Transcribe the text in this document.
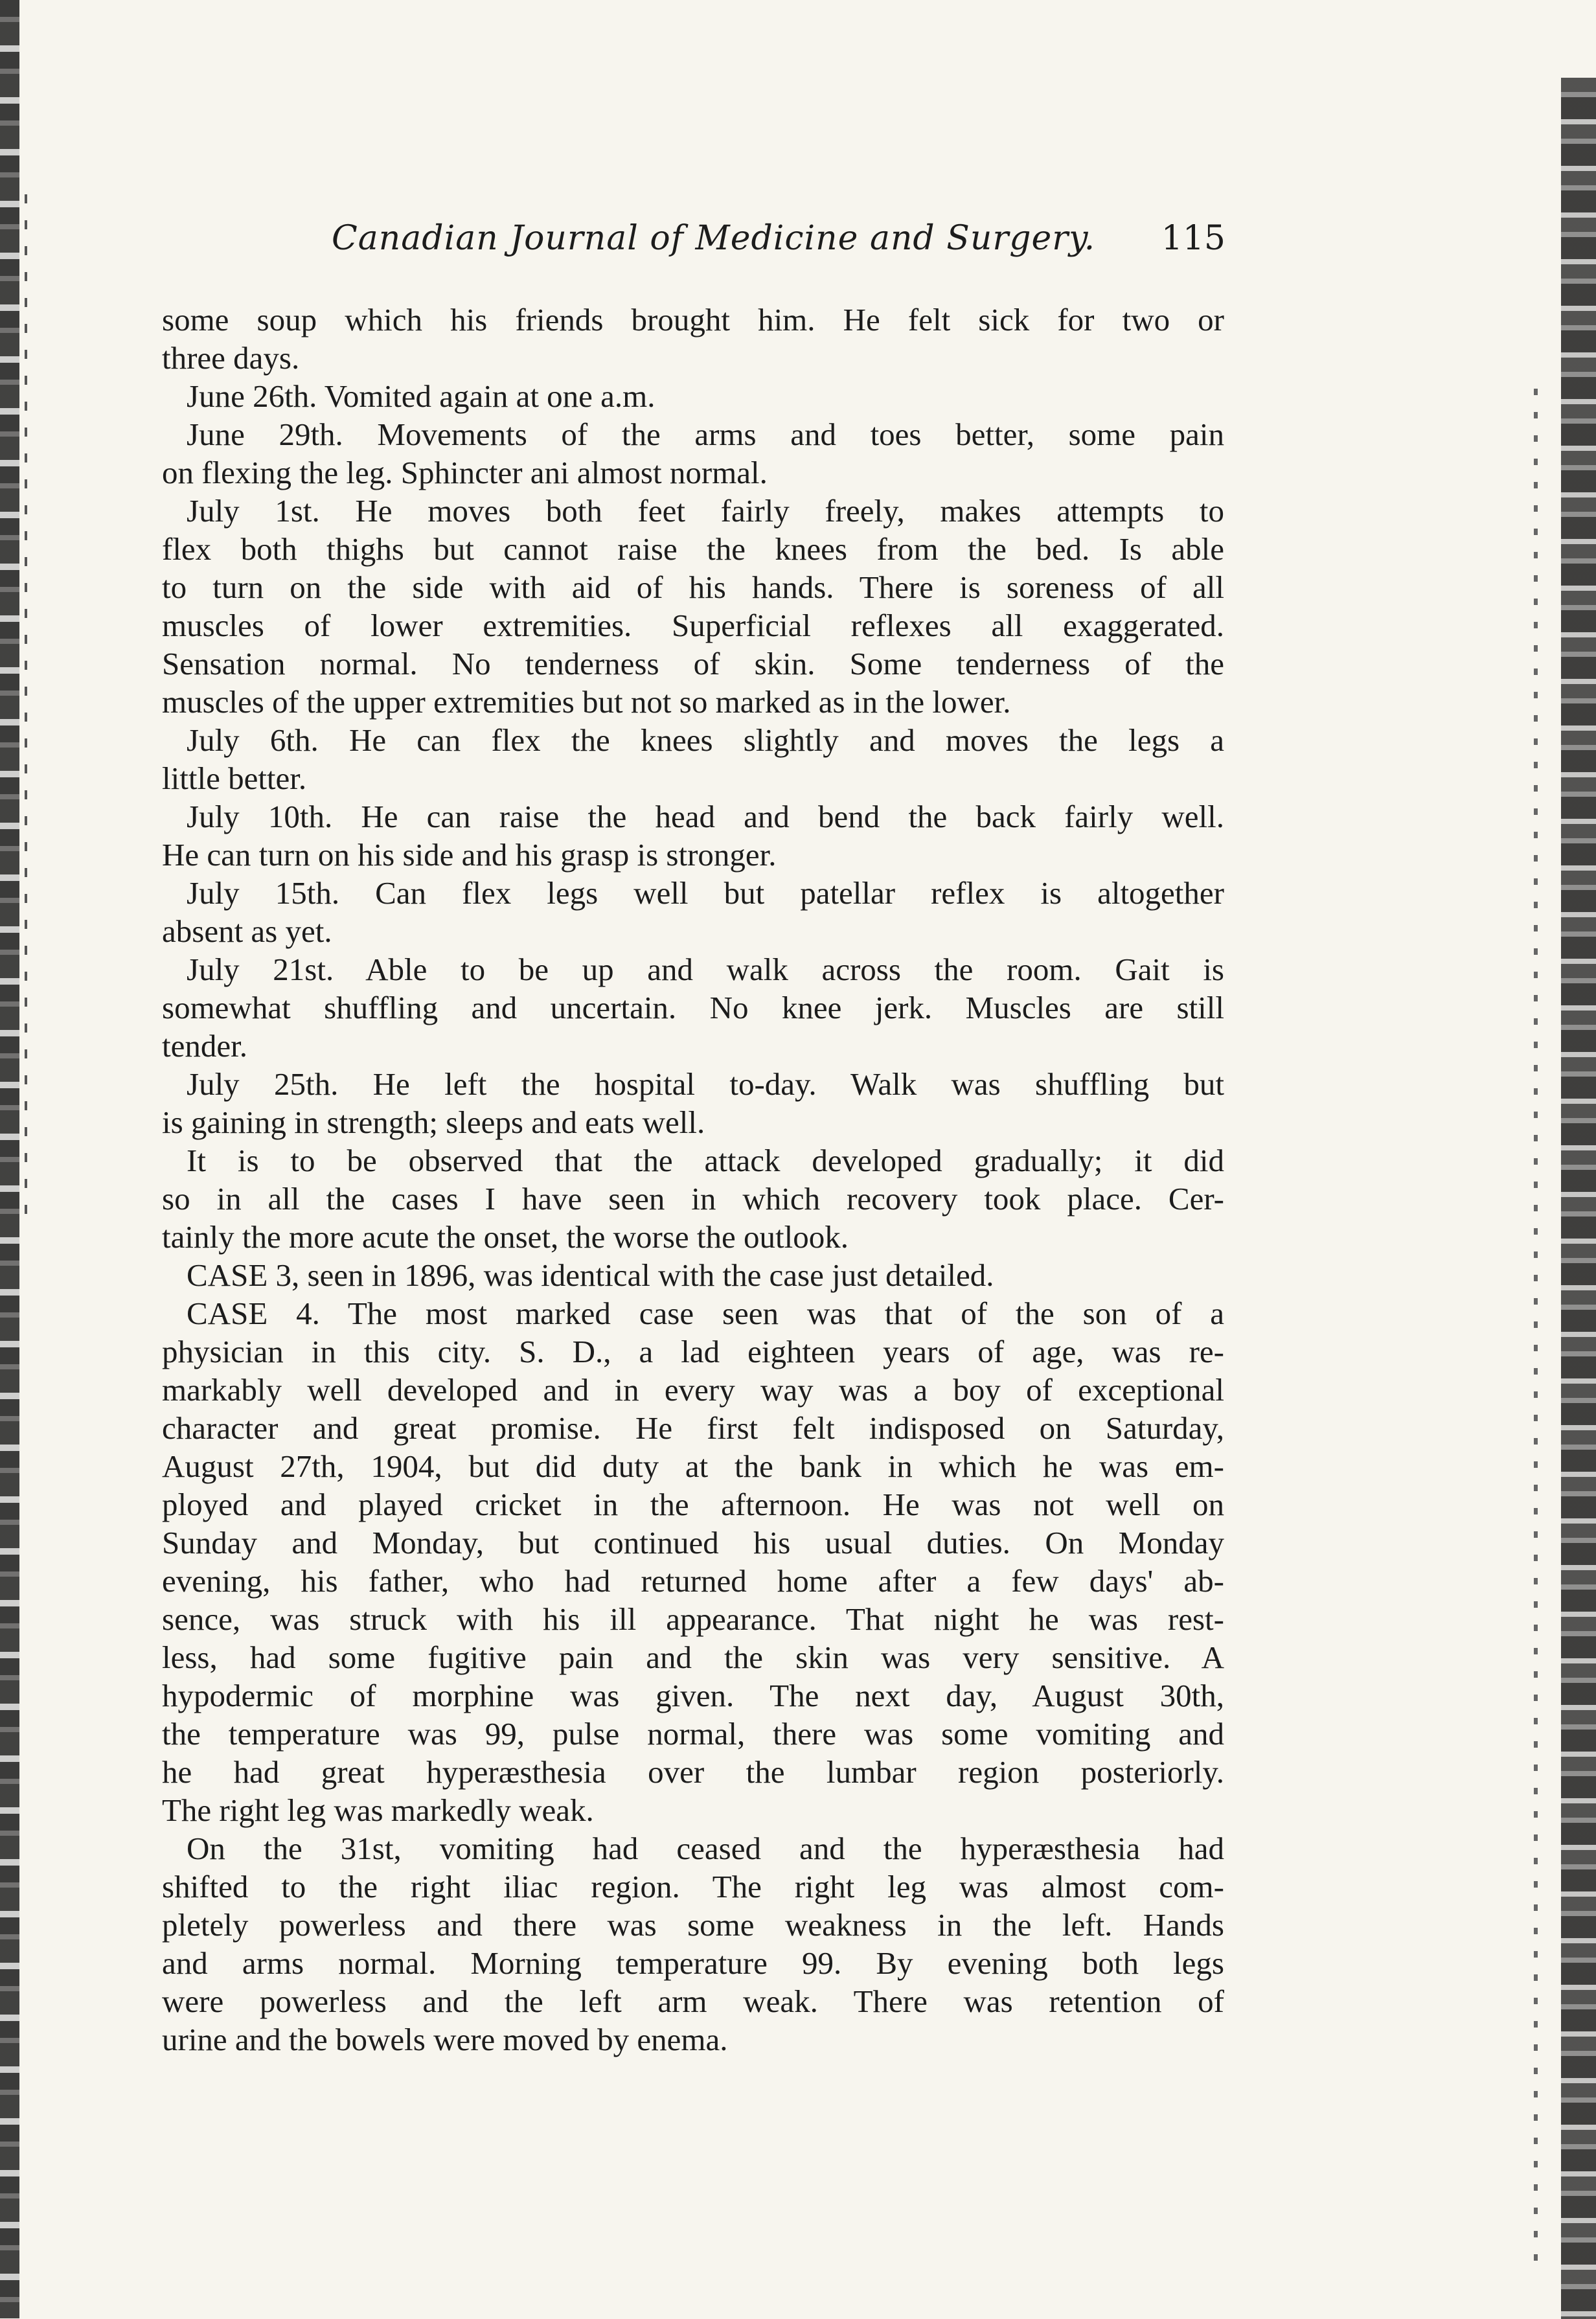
Canadian Journal of Medicine and Surgery. 115
some soup which his friends brought him. He felt sick for two or
three days.
June 26th. Vomited again at one a.m.
June 29th. Movements of the arms and toes better, some pain
on flexing the leg. Sphincter ani almost normal.
July 1st. He moves both feet fairly freely, makes attempts to
flex both thighs but cannot raise the knees from the bed. Is able
to turn on the side with aid of his hands. There is soreness of all
muscles of lower extremities. Superficial reflexes all exaggerated.
Sensation normal. No tenderness of skin. Some tenderness of the
muscles of the upper extremities but not so marked as in the lower.
July 6th. He can flex the knees slightly and moves the legs a
little better.
July 10th. He can raise the head and bend the back fairly well.
He can turn on his side and his grasp is stronger.
July 15th. Can flex legs well but patellar reflex is altogether
absent as yet.
July 21st. Able to be up and walk across the room. Gait is
somewhat shuffling and uncertain. No knee jerk. Muscles are still
tender.
July 25th. He left the hospital to-day. Walk was shuffling but
is gaining in strength; sleeps and eats well.
It is to be observed that the attack developed gradually; it did
so in all the cases I have seen in which recovery took place. Cer-
tainly the more acute the onset, the worse the outlook.
CASE 3, seen in 1896, was identical with the case just detailed.
CASE 4. The most marked case seen was that of the son of a
physician in this city. S. D., a lad eighteen years of age, was re-
markably well developed and in every way was a boy of exceptional
character and great promise. He first felt indisposed on Saturday,
August 27th, 1904, but did duty at the bank in which he was em-
ployed and played cricket in the afternoon. He was not well on
Sunday and Monday, but continued his usual duties. On Monday
evening, his father, who had returned home after a few days' ab-
sence, was struck with his ill appearance. That night he was rest-
less, had some fugitive pain and the skin was very sensitive. A
hypodermic of morphine was given. The next day, August 30th,
the temperature was 99, pulse normal, there was some vomiting and
he had great hyperæsthesia over the lumbar region posteriorly.
The right leg was markedly weak.
On the 31st, vomiting had ceased and the hyperæsthesia had
shifted to the right iliac region. The right leg was almost com-
pletely powerless and there was some weakness in the left. Hands
and arms normal. Morning temperature 99. By evening both legs
were powerless and the left arm weak. There was retention of
urine and the bowels were moved by enema.
